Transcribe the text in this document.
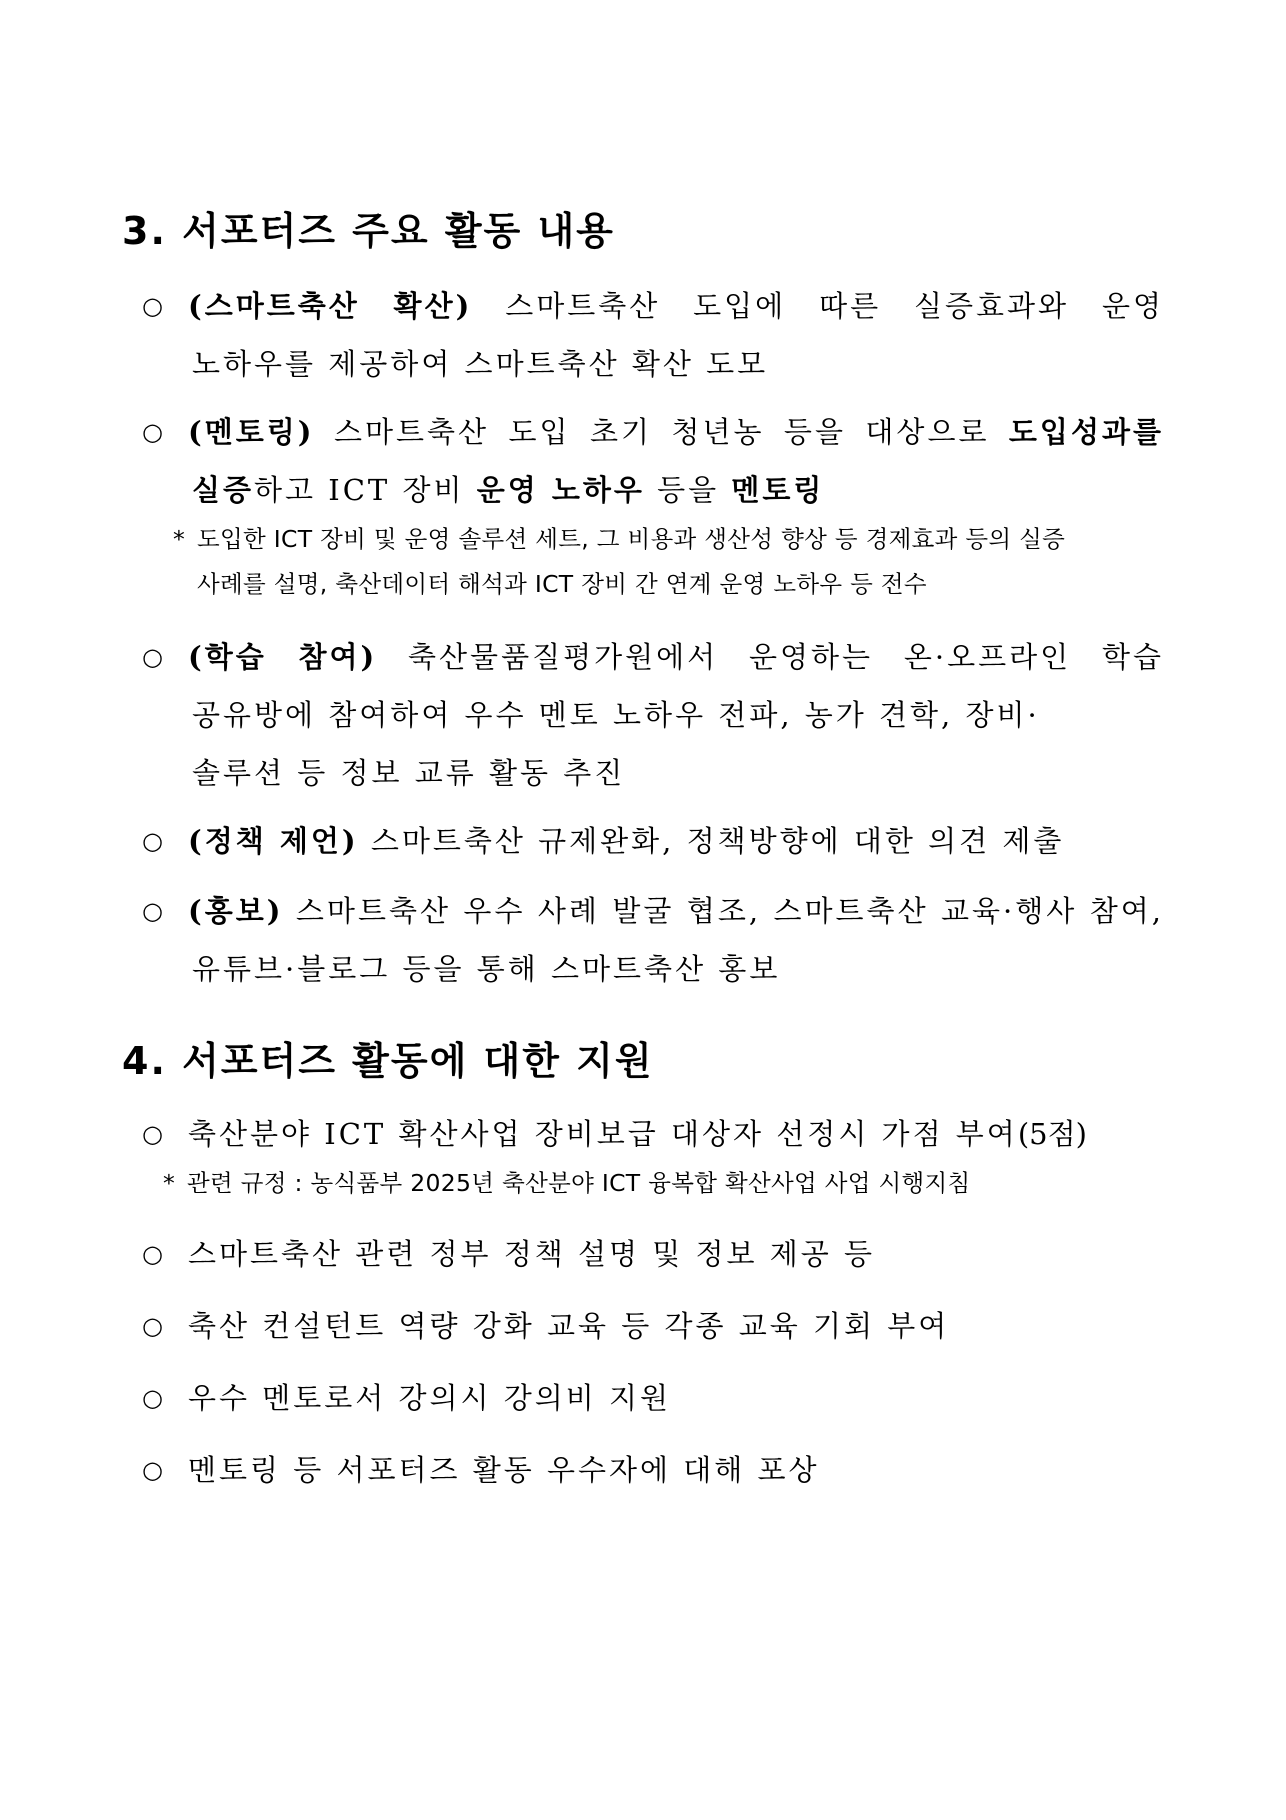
3. 서포터즈 주요 활동 내용
○ (스마트축산 확산) 스마트축산 도입에 따른 실증효과와 운영
노하우를 제공하여 스마트축산 확산 도모
○ (멘토링) 스마트축산 도입 초기 청년농 등을 대상으로 도입성과를
실증하고 ICT 장비 운영 노하우 등을 멘토링
* 도입한 ICT 장비 및 운영 솔루션 세트, 그 비용과 생산성 향상 등 경제효과 등의 실증
사례를 설명, 축산데이터 해석과 ICT 장비 간 연계 운영 노하우 등 전수
○ (학습 참여) 축산물품질평가원에서 운영하는 온·오프라인 학습
공유방에 참여하여 우수 멘토 노하우 전파, 농가 견학, 장비·
솔루션 등 정보 교류 활동 추진
○ (정책 제언) 스마트축산 규제완화, 정책방향에 대한 의견 제출
○ (홍보) 스마트축산 우수 사례 발굴 협조, 스마트축산 교육·행사 참여,
유튜브·블로그 등을 통해 스마트축산 홍보
4. 서포터즈 활동에 대한 지원
○ 축산분야 ICT 확산사업 장비보급 대상자 선정시 가점 부여(5점)
* 관련 규정 : 농식품부 2025년 축산분야 ICT 융복합 확산사업 사업 시행지침
○ 스마트축산 관련 정부 정책 설명 및 정보 제공 등
○ 축산 컨설턴트 역량 강화 교육 등 각종 교육 기회 부여
○ 우수 멘토로서 강의시 강의비 지원
○ 멘토링 등 서포터즈 활동 우수자에 대해 포상
